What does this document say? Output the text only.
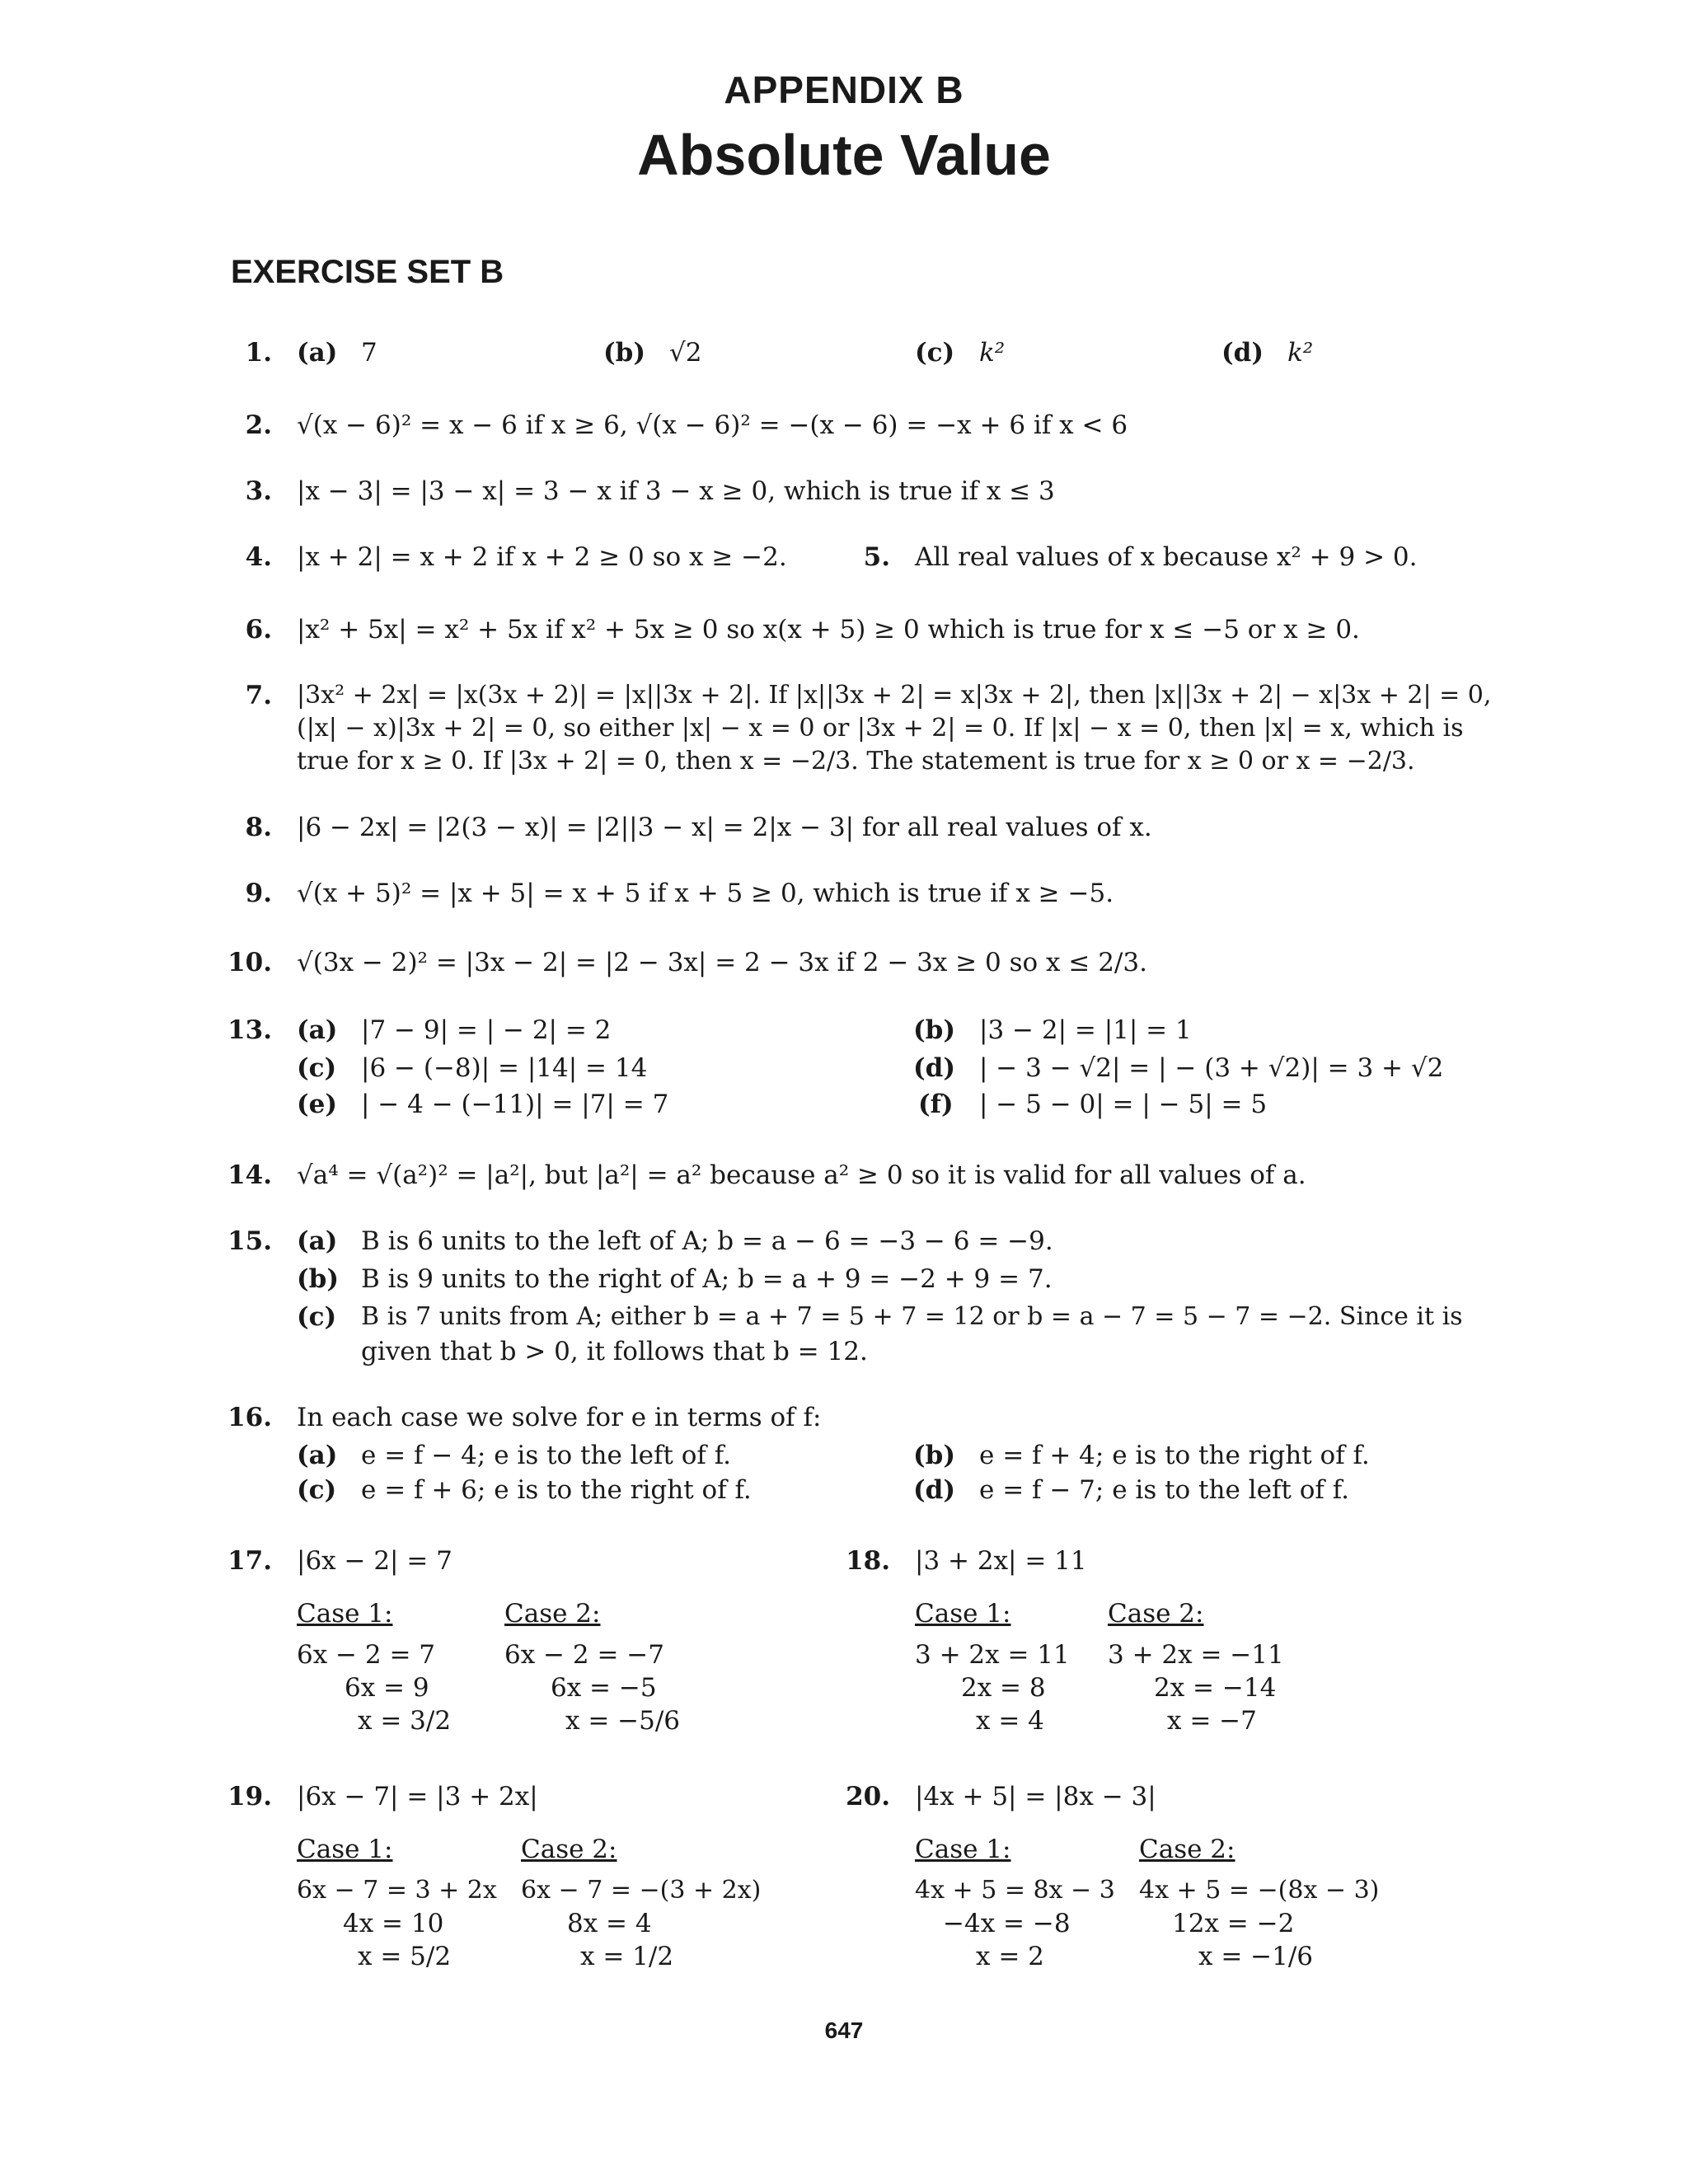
APPENDIX B
Absolute Value
EXERCISE SET B
1. (a) 7	(b) √2	(c) k²	(d) k²
2. √(x − 6)² = x − 6 if x ≥ 6, √(x − 6)² = −(x − 6) = −x + 6 if x < 6
3. |x − 3| = |3 − x| = 3 − x if 3 − x ≥ 0, which is true if x ≤ 3
4. |x + 2| = x + 2 if x + 2 ≥ 0 so x ≥ −2.	5. All real values of x because x² + 9 > 0.
6. |x² + 5x| = x² + 5x if x² + 5x ≥ 0 so x(x + 5) ≥ 0 which is true for x ≤ −5 or x ≥ 0.
7. |3x² + 2x| = |x(3x + 2)| = |x||3x + 2|. If |x||3x + 2| = x|3x + 2|, then |x||3x + 2| − x|3x + 2| = 0,
(|x| − x)|3x + 2| = 0, so either |x| − x = 0 or |3x + 2| = 0. If |x| − x = 0, then |x| = x, which is
true for x ≥ 0. If |3x + 2| = 0, then x = −2/3. The statement is true for x ≥ 0 or x = −2/3.
8. |6 − 2x| = |2(3 − x)| = |2||3 − x| = 2|x − 3| for all real values of x.
9. √(x + 5)² = |x + 5| = x + 5 if x + 5 ≥ 0, which is true if x ≥ −5.
10. √(3x − 2)² = |3x − 2| = |2 − 3x| = 2 − 3x if 2 − 3x ≥ 0 so x ≤ 2/3.
13. (a) |7 − 9| = | − 2| = 2	(b) |3 − 2| = |1| = 1
(c) |6 − (−8)| = |14| = 14	(d) | − 3 − √2| = | − (3 + √2)| = 3 + √2
(e) | − 4 − (−11)| = |7| = 7	(f) | − 5 − 0| = | − 5| = 5
14. √a⁴ = √(a²)² = |a²|, but |a²| = a² because a² ≥ 0 so it is valid for all values of a.
15. (a) B is 6 units to the left of A; b = a − 6 = −3 − 6 = −9.
(b) B is 9 units to the right of A; b = a + 9 = −2 + 9 = 7.
(c) B is 7 units from A; either b = a + 7 = 5 + 7 = 12 or b = a − 7 = 5 − 7 = −2. Since it is
given that b > 0, it follows that b = 12.
16. In each case we solve for e in terms of f:
(a) e = f − 4; e is to the left of f.	(b) e = f + 4; e is to the right of f.
(c) e = f + 6; e is to the right of f.	(d) e = f − 7; e is to the left of f.
17. |6x − 2| = 7
Case 1:
6x − 2 = 7
6x = 9
x = 3/2
Case 2:
6x − 2 = −7
6x = −5
x = −5/6
18. |3 + 2x| = 11
Case 1:
3 + 2x = 11
2x = 8
x = 4
Case 2:
3 + 2x = −11
2x = −14
x = −7
19. |6x − 7| = |3 + 2x|
Case 1:
6x − 7 = 3 + 2x
4x = 10
x = 5/2
Case 2:
6x − 7 = −(3 + 2x)
8x = 4
x = 1/2
20. |4x + 5| = |8x − 3|
Case 1:
4x + 5 = 8x − 3
−4x = −8
x = 2
Case 2:
4x + 5 = −(8x − 3)
12x = −2
x = −1/6
647
